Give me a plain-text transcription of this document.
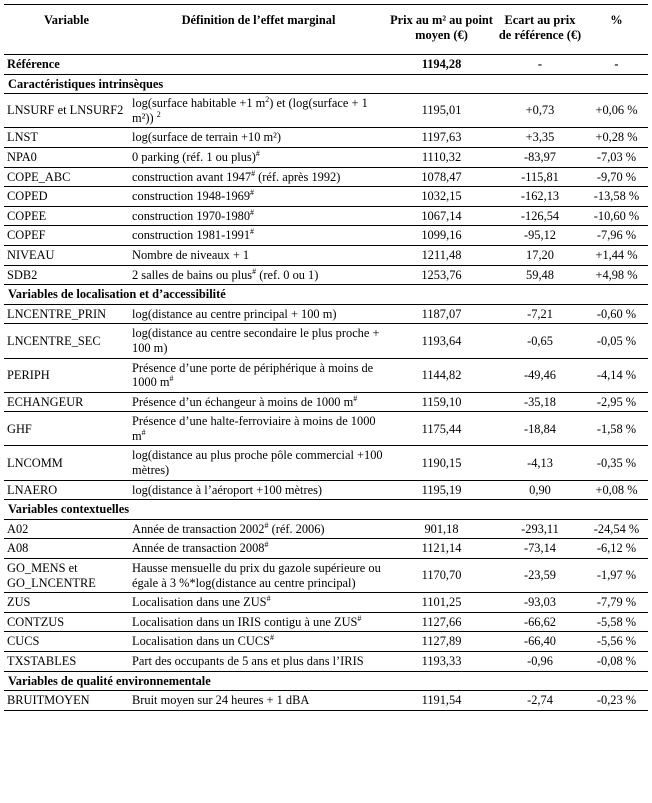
Variable	Définition de l’effet marginal	Prix au m² au point moyen (€)	Ecart au prix de référence (€)	%
Référence		1194,28	-	-
Caractéristiques intrinsèques				
LNSURF et LNSURF2	log(surface habitable +1 $m^2$) et (log(surface + 1 m²)) $^2$	1195,01	+0,73	+0,06 %
LNST	log(surface de terrain +10 m²)	1197,63	+3,35	+0,28 %
NPA0	0 parking (réf. 1 ou plus)#	1110,32	-83,97	-7,03 %
COPE_ABC	construction avant 1947# (réf. après 1992)	1078,47	-115,81	-9,70 %
COPED	construction 1948-1969#	1032,15	-162,13	-13,58 %
COPEE	construction 1970-1980#	1067,14	-126,54	-10,60 %
COPEF	construction 1981-1991#	1099,16	-95,12	-7,96 %
NIVEAU	Nombre de niveaux + 1	1211,48	17,20	+1,44 %
SDB2	2 salles de bains ou plus# (ref. 0 ou 1)	1253,76	59,48	+4,98 %
Variables de localisation et d’accessibilité				
LNCENTRE_PRIN	log(distance au centre principal + 100 m)	1187,07	-7,21	-0,60 %
LNCENTRE_SEC	log(distance au centre secondaire le plus proche + 100 m)	1193,64	-0,65	-0,05 %
PERIPH	Présence d’une porte de périphérique à moins de 1000 m#	1144,82	-49,46	-4,14 %
ECHANGEUR	Présence d’un échangeur à moins de 1000 m#	1159,10	-35,18	-2,95 %
GHF	Présence d’une halte-ferroviaire à moins de 1000 m#	1175,44	-18,84	-1,58 %
LNCOMM	log(distance au plus proche pôle commercial +100 mètres)	1190,15	-4,13	-0,35 %
LNAERO	log(distance à l’aéroport +100 mètres)	1195,19	0,90	+0,08 %
Variables contextuelles				
A02	Année de transaction 2002# (réf. 2006)	901,18	-293,11	-24,54 %
A08	Année de transaction 2008#	1121,14	-73,14	-6,12 %
GO_MENS et GO_LNCENTRE	Hausse mensuelle du prix du gazole supérieure ou égale à 3 %*log(distance au centre principal)	1170,70	-23,59	-1,97 %
ZUS	Localisation dans une ZUS#	1101,25	-93,03	-7,79 %
CONTZUS	Localisation dans un IRIS contigu à une ZUS#	1127,66	-66,62	-5,58 %
CUCS	Localisation dans un CUCS#	1127,89	-66,40	-5,56 %
TXSTABLES	Part des occupants de 5 ans et plus dans l’IRIS	1193,33	-0,96	-0,08 %
Variables de qualité environnementale				
BRUITMOYEN	Bruit moyen sur 24 heures + 1 dBA	1191,54	-2,74	-0,23 %
